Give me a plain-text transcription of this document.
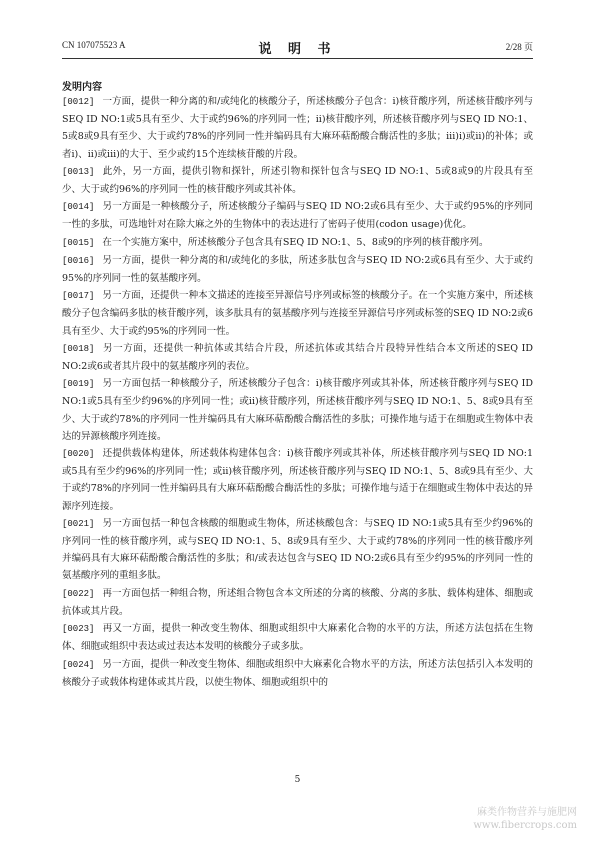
CN 107075523 A	说 明 书	2/28 页
发明内容

[0012] 一方面，提供一种分离的和/或纯化的核酸分子，所述核酸分子包含：i)核苷酸序列，所述核苷酸序列与SEQ ID NO:1或5具有至少、大于或约96%的序列同一性；ii)核苷酸序列，所述核苷酸序列与SEQ ID NO:1、5或8或9具有至少、大于或约78%的序列同一性并编码具有大麻环萜酚酸合酶活性的多肽；iii)i)或ii)的补体；或者i)、ii)或iii)的大于、至少或约15个连续核苷酸的片段。

[0013] 此外，另一方面，提供引物和探针，所述引物和探针包含与SEQ ID NO:1、5或8或9的片段具有至少、大于或约96%的序列同一性的核苷酸序列或其补体。

[0014] 另一方面是一种核酸分子，所述核酸分子编码与SEQ ID NO:2或6具有至少、大于或约95%的序列同一性的多肽，可选地针对在除大麻之外的生物体中的表达进行了密码子使用(codon usage)优化。

[0015] 在一个实施方案中，所述核酸分子包含具有SEQ ID NO:1、5、8或9的序列的核苷酸序列。

[0016] 另一方面，提供一种分离的和/或纯化的多肽，所述多肽包含与SEQ ID NO:2或6具有至少、大于或约95%的序列同一性的氨基酸序列。

[0017] 另一方面，还提供一种本文描述的连接至异源信号序列或标签的核酸分子。在一个实施方案中，所述核酸分子包含编码多肽的核苷酸序列，该多肽具有的氨基酸序列与连接至异源信号序列或标签的SEQ ID NO:2或6具有至少、大于或约95%的序列同一性。

[0018] 另一方面，还提供一种抗体或其结合片段，所述抗体或其结合片段特异性结合本文所述的SEQ ID NO:2或6或者其片段中的氨基酸序列的表位。

[0019] 另一方面包括一种核酸分子，所述核酸分子包含：i)核苷酸序列或其补体，所述核苷酸序列与SEQ ID NO:1或5具有至少约96%的序列同一性；或ii)核苷酸序列，所述核苷酸序列与SEQ ID NO:1、5、8或9具有至少、大于或约78%的序列同一性并编码具有大麻环萜酚酸合酶活性的多肽；可操作地与适于在细胞或生物体中表达的异源核酸序列连接。

[0020] 还提供载体构建体，所述载体构建体包含：i)核苷酸序列或其补体，所述核苷酸序列与SEQ ID NO:1或5具有至少约96%的序列同一性；或ii)核苷酸序列，所述核苷酸序列与SEQ ID NO:1、5、8或9具有至少、大于或约78%的序列同一性并编码具有大麻环萜酚酸合酶活性的多肽；可操作地与适于在细胞或生物体中表达的异源序列连接。

[0021] 另一方面包括一种包含核酸的细胞或生物体，所述核酸包含：与SEQ ID NO:1或5具有至少约96%的序列同一性的核苷酸序列，或与SEQ ID NO:1、5、8或9具有至少、大于或约78%的序列同一性的核苷酸序列并编码具有大麻环萜酚酸合酶活性的多肽；和/或表达包含与SEQ ID NO:2或6具有至少约95%的序列同一性的氨基酸序列的重组多肽。

[0022] 再一方面包括一种组合物，所述组合物包含本文所述的分离的核酸、分离的多肽、载体构建体、细胞或抗体或其片段。

[0023] 再又一方面，提供一种改变生物体、细胞或组织中大麻素化合物的水平的方法，所述方法包括在生物体、细胞或组织中表达或过表达本发明的核酸分子或多肽。

[0024] 另一方面，提供一种改变生物体、细胞或组织中大麻素化合物水平的方法，所述方法包括引入本发明的核酸分子或载体构建体或其片段，以使生物体、细胞或组织中的

5
麻类作物营养与施肥网
www.fibercrops.com
